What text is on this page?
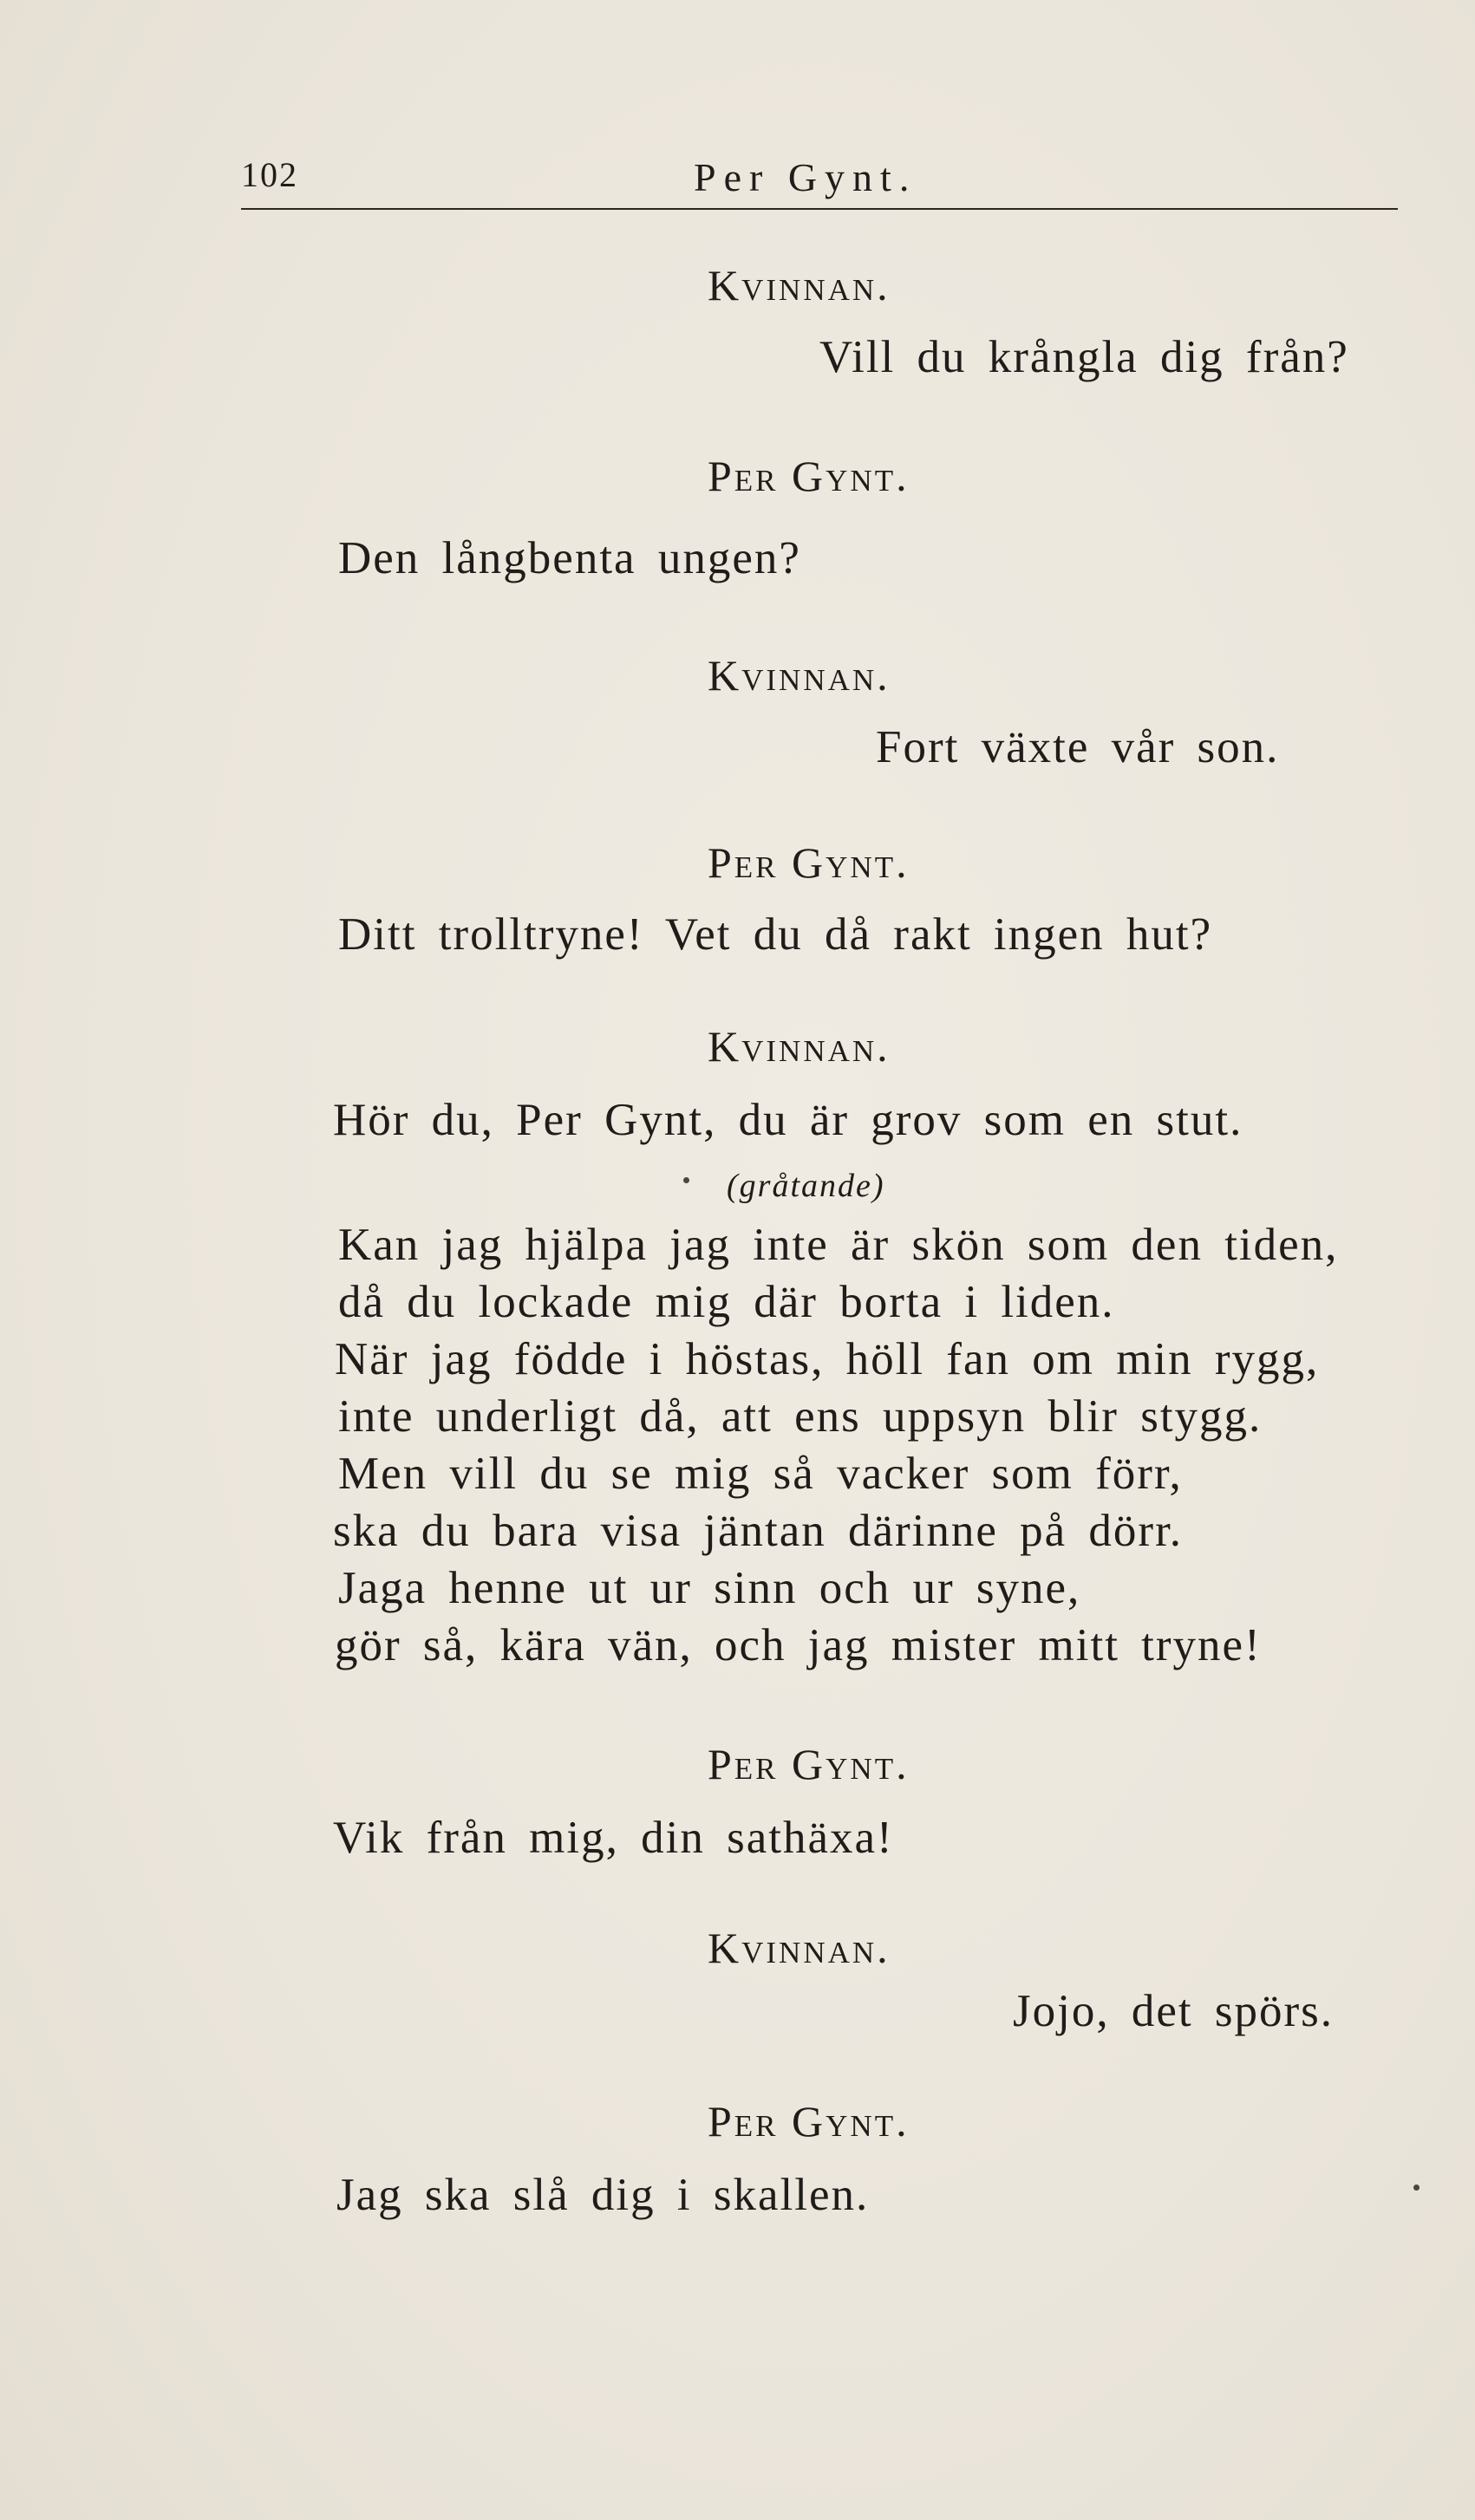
102	Per Gynt.
Kvinnan.
Vill du krångla dig från?
Per Gynt.
Den långbenta ungen?
Kvinnan.
Fort växte vår son.
Per Gynt.
Ditt trolltryne! Vet du då rakt ingen hut?
Kvinnan.
Hör du, Per Gynt, du är grov som en stut.
(gråtande)
Kan jag hjälpa jag inte är skön som den tiden,
då du lockade mig där borta i liden.
När jag födde i höstas, höll fan om min rygg,
inte underligt då, att ens uppsyn blir stygg.
Men vill du se mig så vacker som förr,
ska du bara visa jäntan därinne på dörr.
Jaga henne ut ur sinn och ur syne,
gör så, kära vän, och jag mister mitt tryne!
Per Gynt.
Vik från mig, din sathäxa!
Kvinnan.
Jojo, det spörs.
Per Gynt.
Jag ska slå dig i skallen.
